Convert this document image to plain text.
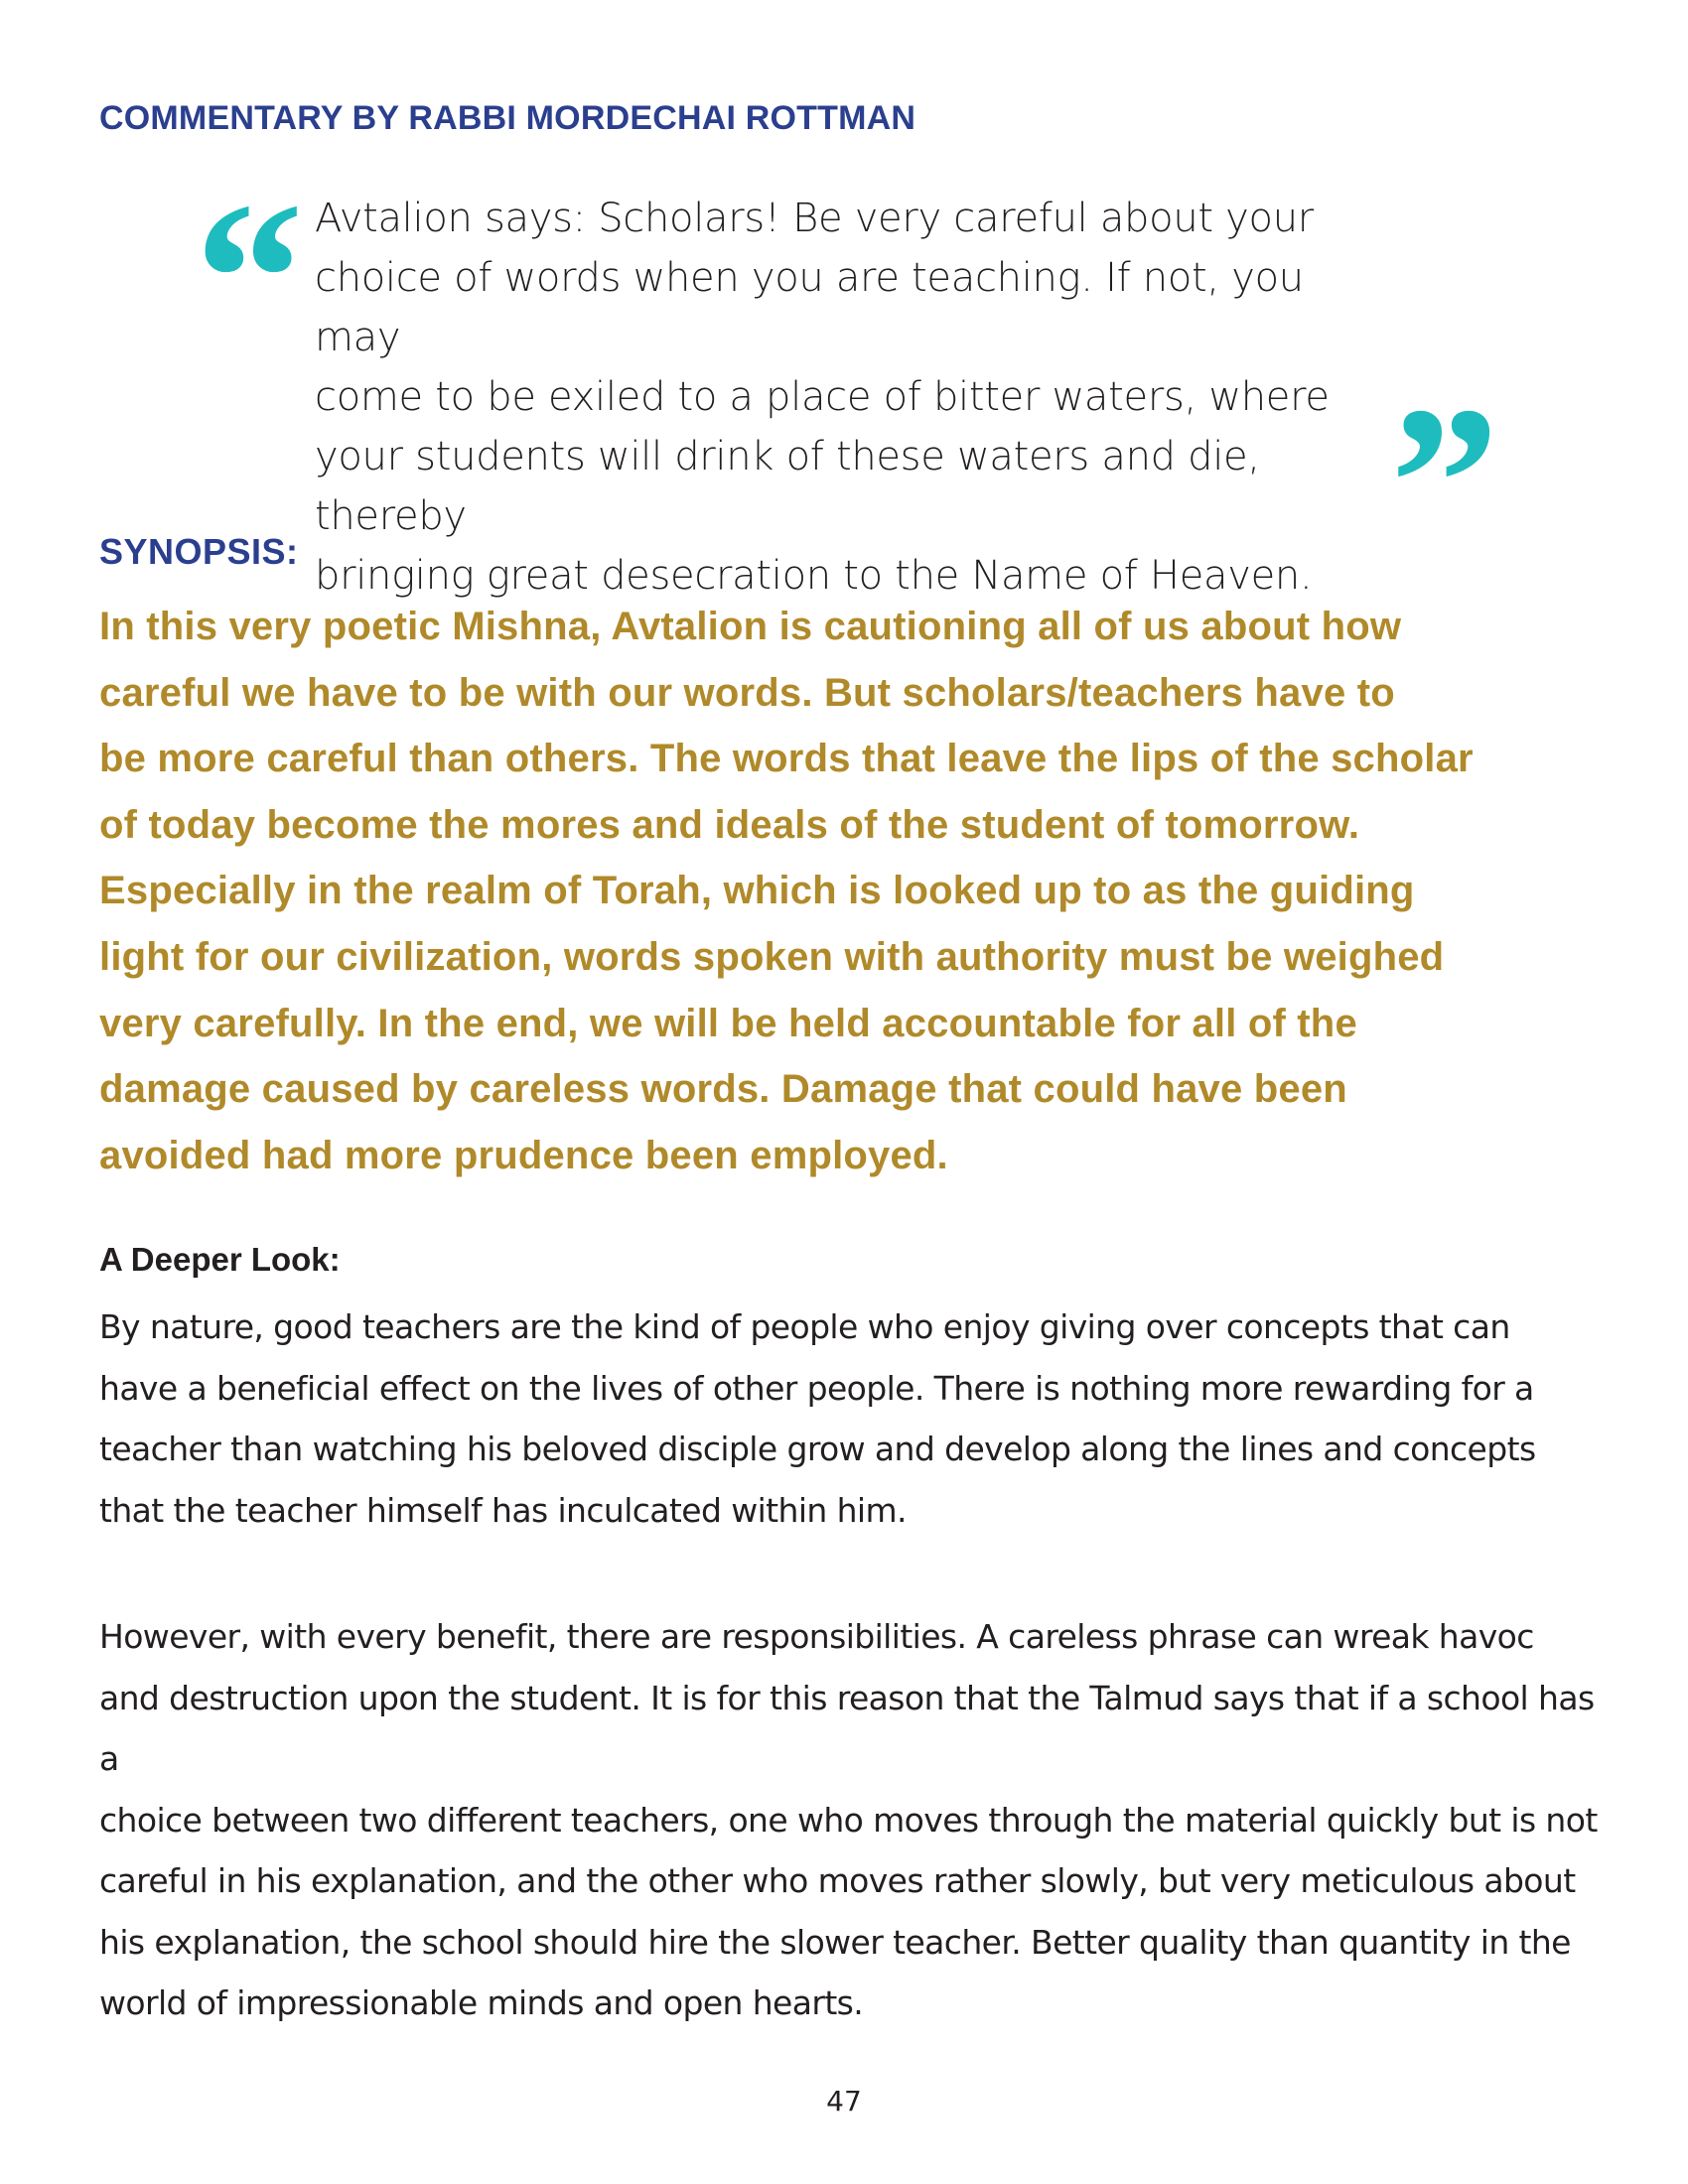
COMMENTARY BY RABBI MORDECHAI ROTTMAN
“ Avtalion says: Scholars! Be very careful about your
choice of words when you are teaching. If not, you may
come to be exiled to a place of bitter waters, where
your students will drink of these waters and die, thereby
bringing great desecration to the Name of Heaven. ”
SYNOPSIS:

In this very poetic Mishna, Avtalion is cautioning all of us about how
careful we have to be with our words. But scholars/teachers have to
be more careful than others. The words that leave the lips of the scholar
of today become the mores and ideals of the student of tomorrow.
Especially in the realm of Torah, which is looked up to as the guiding
light for our civilization, words spoken with authority must be weighed
very carefully. In the end, we will be held accountable for all of the
damage caused by careless words. Damage that could have been
avoided had more prudence been employed.

A Deeper Look:

By nature, good teachers are the kind of people who enjoy giving over concepts that can
have a beneficial effect on the lives of other people. There is nothing more rewarding for a
teacher than watching his beloved disciple grow and develop along the lines and concepts
that the teacher himself has inculcated within him.

However, with every benefit, there are responsibilities. A careless phrase can wreak havoc
and destruction upon the student. It is for this reason that the Talmud says that if a school has a
choice between two different teachers, one who moves through the material quickly but is not
careful in his explanation, and the other who moves rather slowly, but very meticulous about
his explanation, the school should hire the slower teacher. Better quality than quantity in the
world of impressionable minds and open hearts.

47
